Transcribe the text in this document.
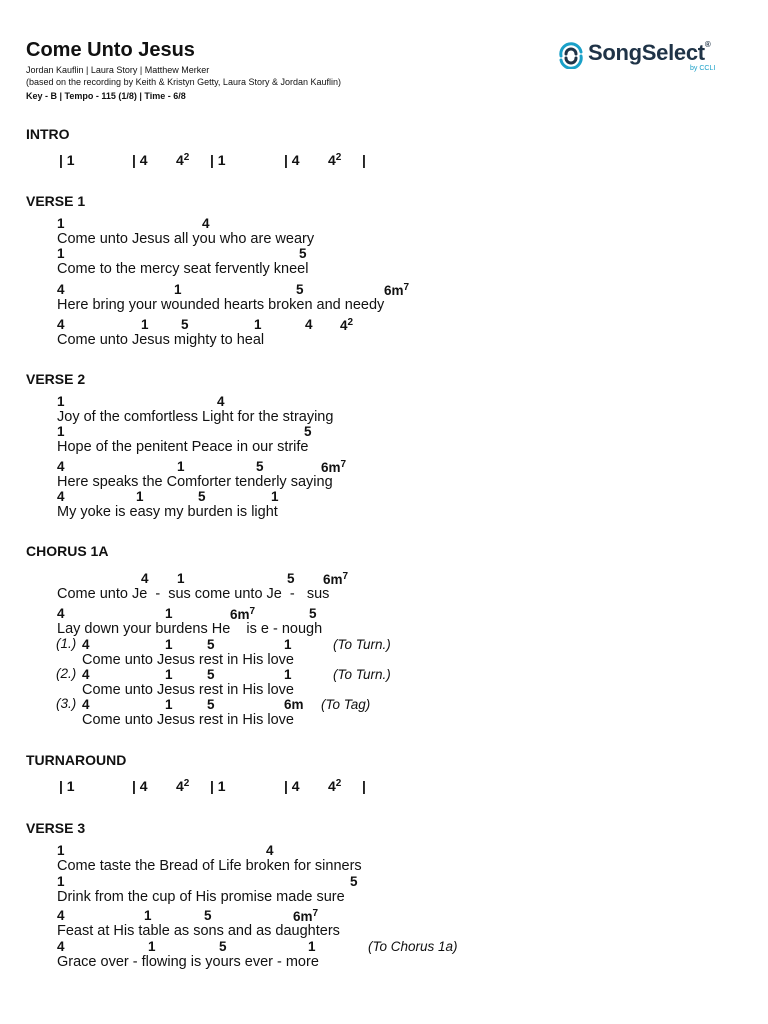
Come Unto Jesus
Jordan Kauflin | Laura Story | Matthew Merker
(based on the recording by Keith & Kristyn Getty, Laura Story & Jordan Kauflin)
Key - B | Tempo - 115 (1/8) | Time - 6/8
SongSelect®
by CCLI
INTRO
| 1	| 4 $4^2$ | 1	| 4 $4^2$ |
VERSE 1
1	4
Come unto Jesus all you who are weary
1	5
Come to the mercy seat fervently kneel
4	1	5	$6m^7$
Here bring your wounded hearts broken and needy
4	1 5	1	4 $4^2$
Come unto Jesus mighty to heal
VERSE 2
1	4
Joy of the comfortless Light for the straying
1	5
Hope of the penitent Peace in our strife
4	1	5	$6m^7$
Here speaks the Comforter tenderly saying
4	1	5	1
My yoke is easy my burden is light
CHORUS 1A
4 1	5 $6m^7$
Come unto Je  -  sus come unto Je  -   sus
4	1	$6m^7$	5
Lay down your burdens He    is e - nough
(1.) 4	1	5	1	(To Turn.)
Come unto Jesus rest in His love
(2.) 4	1	5	1	(To Turn.)
Come unto Jesus rest in His love
(3.) 4	1	5	6m (To Tag)
Come unto Jesus rest in His love
TURNAROUND
| 1	| 4 $4^2$ | 1	| 4 $4^2$ |
VERSE 3
1	4
Come taste the Bread of Life broken for sinners
1	5
Drink from the cup of His promise made sure
4	1	5	$6m^7$
Feast at His table as sons and as daughters
4	1	5	1	(To Chorus 1a)
Grace over - flowing is yours ever - more
